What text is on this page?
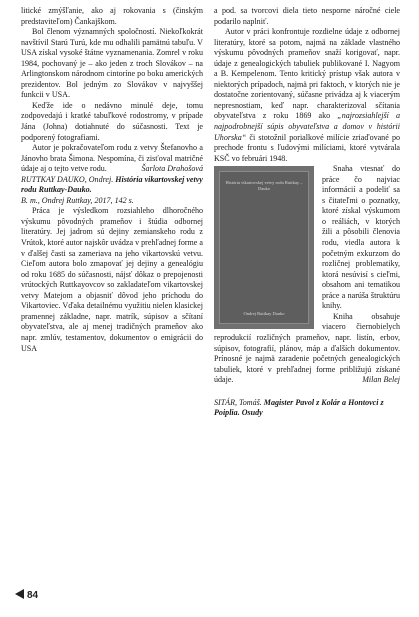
litické zmýšľanie, ako aj rokovania s (činským predstaviteľom) Čankajškom.

Bol členom významných spoločností. Niekoľkokrát navštívil Starú Turú, kde mu odhalili pamätnú tabuľu. V USA získal vysoké štátne vyznamenania. Zomrel v roku 1984, pochovaný je – ako jeden z troch Slovákov – na Arlingtonskom národnom cintoríne po boku amerických prezidentov. Bol jedným zo Slovákov v najvyššej funkcii v USA.

Keďže ide o nedávno minulé deje, tomu zodpovedajú i kratké tabuľkové rodostromy, v prípade Jána (Johna) dotiahnuté do súčasnosti. Text je podporený fotografiami.

Autor je pokračovateľom rodu z vetvy Štefanovho a Jánovho brata Šimona. Nespomína, či zisťoval matričné údaje aj o tejto vetve rodu.	Šarlota Drahošová

RUTTKAY DAUKO, Ondrej. História vikartovskej vetvy rodu Ruttkay-Dauko.
B. m., Ondrej Ruttkay, 2017, 142 s.

Práca je výsledkom rozsiahleho dlhoročného výskumu pôvodných prameňov i štúdia odbornej literatúry. Jej jadrom sú dejiny zemianskeho rodu z Vrútok, ktoré autor najskôr uvádza v prehľadnej forme a v ďalšej časti sa zameriava na jeho vikartovskú vetvu. Cieľom autora bolo zmapovať jej dejiny a genealógiu od roku 1685 do súčasnosti, nájsť dôkaz o prepojenosti vrútockých Ruttkayovcov so zakladateľom vikartovskej vetvy Matejom a objasniť dôvod jeho príchodu do Vikartoviec. Vďaka detailnému využitiu nielen klasickej pramennej základne, napr. matrík, súpisov a sčítaní obyvateľstva, ale aj menej tradičných prameňov ako napr. zmlúv, testamentov, dokumentov o emigrácii do USA

a pod. sa tvorcovi diela tieto nesporne náročné ciele podarilo naplniť.

Autor v práci konfrontuje rozdielne údaje z odbornej literatúry, ktoré sa potom, najmä na základe vlastného výskumu pôvodných prameňov snaží korigovať, napr. údaje z genealogických tabuliek publikované I. Nagyom a B. Kempelenom. Tento kritický prístup však autora v niektorých prípadoch, najmä pri faktoch, v ktorých nie je dostatočne zorientovaný, súčasne privádza aj k viacerým nepresnostiam, keď napr. charakterizoval sčítania obyvateľstva z roku 1869 ako „najrozsiahlejší a najpodrobnejší súpis obyvateľstva a domov v histórii Uhorska“ či stotožnil porialkové milície zriaďované po prechode frontu s ľudovými milíciami, ktoré vytvárala KSČ vo februári 1948.

História vikartovskej vetvy rodu Ruttkay – Dauko
Ondrej Ruttkay Dauko

Snaha vtesnať do práce čo najviac informácií a podeliť sa s čitateľmi o poznatky, ktoré získal výskumom o reáliách, v ktorých žili a pôsobili členovia rodu, viedla autora k početným exkurzom do rozličnej problematiky, ktorá nesúvisí s cieľmi, obsahom ani tematikou práce a narúša štruktúru knihy.

Kniha obsahuje viacero čiernobielych reprodukcií rozličných prameňov, napr. listín, erbov, súpisov, fotografií, plánov, máp a ďalších dokumentov. Prínosné je najmä zaradenie početných genealogických tabuliek, ktoré v prehľadnej forme približujú získané údaje.	Milan Belej

SITÁR, Tomáš. Magister Pavol z Kolár a Hontovci z Poiplia. Osudy

84
